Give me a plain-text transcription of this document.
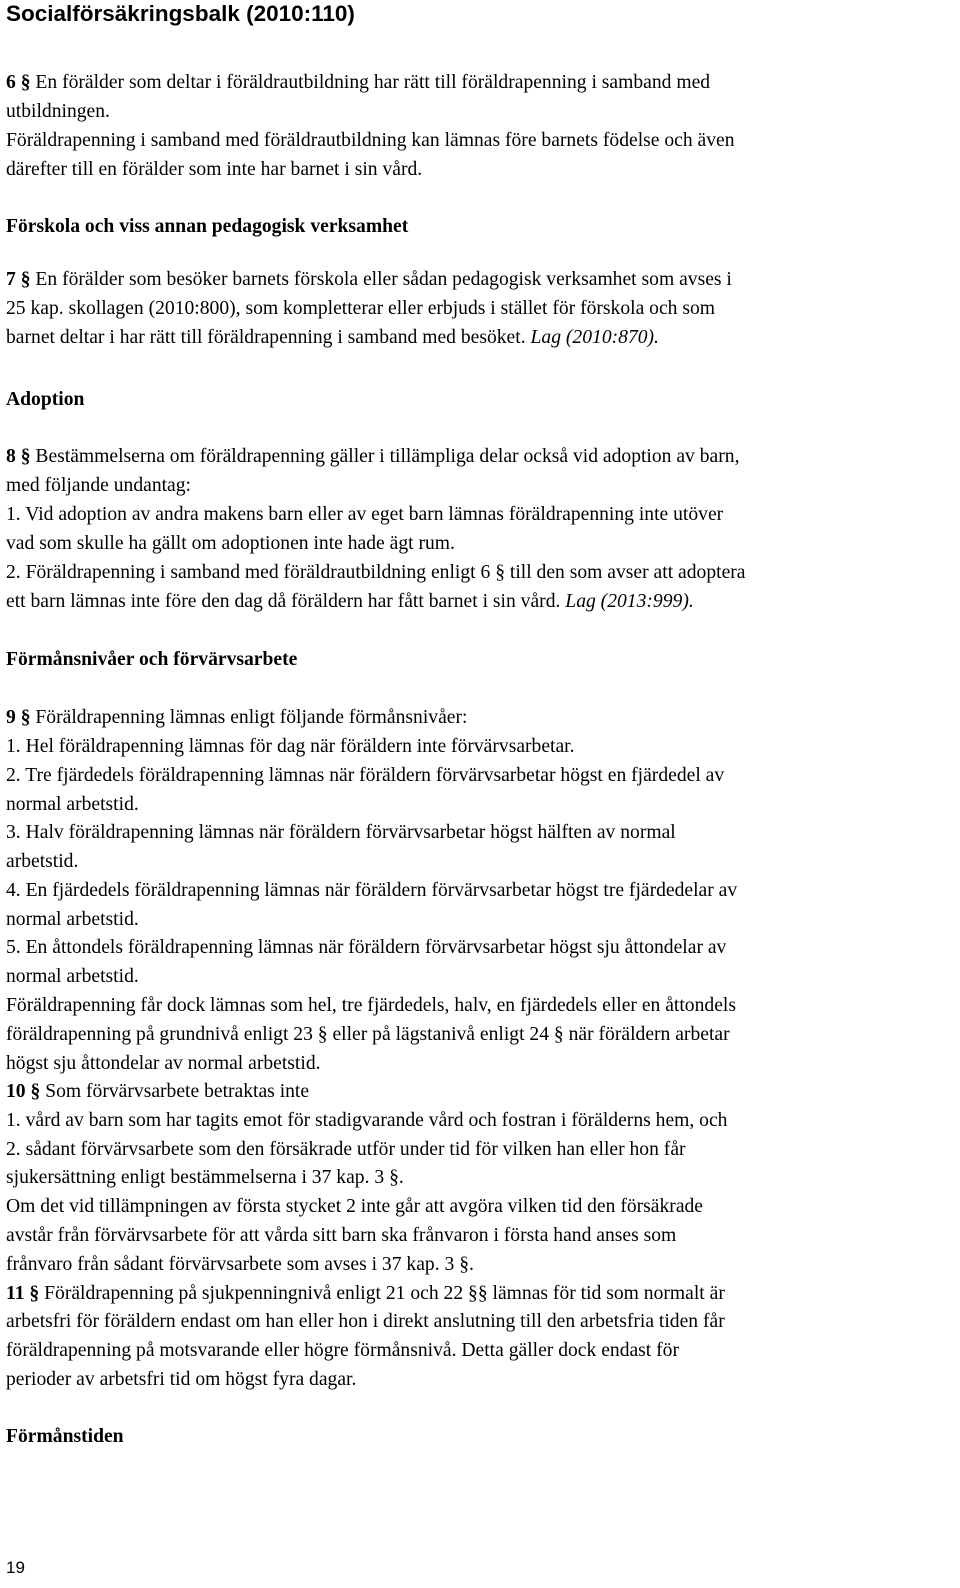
Socialförsäkringsbalk (2010:110)
6 § En förälder som deltar i föräldrautbildning har rätt till föräldrapenning i samband med
utbildningen.
Föräldrapenning i samband med föräldrautbildning kan lämnas före barnets födelse och även
därefter till en förälder som inte har barnet i sin vård.
Förskola och viss annan pedagogisk verksamhet
7 § En förälder som besöker barnets förskola eller sådan pedagogisk verksamhet som avses i
25 kap. skollagen (2010:800), som kompletterar eller erbjuds i stället för förskola och som
barnet deltar i har rätt till föräldrapenning i samband med besöket. Lag (2010:870).
Adoption
8 § Bestämmelserna om föräldrapenning gäller i tillämpliga delar också vid adoption av barn,
med följande undantag:
1. Vid adoption av andra makens barn eller av eget barn lämnas föräldrapenning inte utöver
vad som skulle ha gällt om adoptionen inte hade ägt rum.
2. Föräldrapenning i samband med föräldrautbildning enligt 6 § till den som avser att adoptera
ett barn lämnas inte före den dag då föräldern har fått barnet i sin vård. Lag (2013:999).
Förmånsnivåer och förvärvsarbete
9 § Föräldrapenning lämnas enligt följande förmånsnivåer:
1. Hel föräldrapenning lämnas för dag när föräldern inte förvärvsarbetar.
2. Tre fjärdedels föräldrapenning lämnas när föräldern förvärvsarbetar högst en fjärdedel av
normal arbetstid.
3. Halv föräldrapenning lämnas när föräldern förvärvsarbetar högst hälften av normal
arbetstid.
4. En fjärdedels föräldrapenning lämnas när föräldern förvärvsarbetar högst tre fjärdedelar av
normal arbetstid.
5. En åttondels föräldrapenning lämnas när föräldern förvärvsarbetar högst sju åttondelar av
normal arbetstid.
Föräldrapenning får dock lämnas som hel, tre fjärdedels, halv, en fjärdedels eller en åttondels
föräldrapenning på grundnivå enligt 23 § eller på lägstanivå enligt 24 § när föräldern arbetar
högst sju åttondelar av normal arbetstid.
10 § Som förvärvsarbete betraktas inte
1. vård av barn som har tagits emot för stadigvarande vård och fostran i förälderns hem, och
2. sådant förvärvsarbete som den försäkrade utför under tid för vilken han eller hon får
sjukersättning enligt bestämmelserna i 37 kap. 3 §.
Om det vid tillämpningen av första stycket 2 inte går att avgöra vilken tid den försäkrade
avstår från förvärvsarbete för att vårda sitt barn ska frånvaron i första hand anses som
frånvaro från sådant förvärvsarbete som avses i 37 kap. 3 §.
11 § Föräldrapenning på sjukpenningnivå enligt 21 och 22 §§ lämnas för tid som normalt är
arbetsfri för föräldern endast om han eller hon i direkt anslutning till den arbetsfria tiden får
föräldrapenning på motsvarande eller högre förmånsnivå. Detta gäller dock endast för
perioder av arbetsfri tid om högst fyra dagar.
Förmånstiden
19
